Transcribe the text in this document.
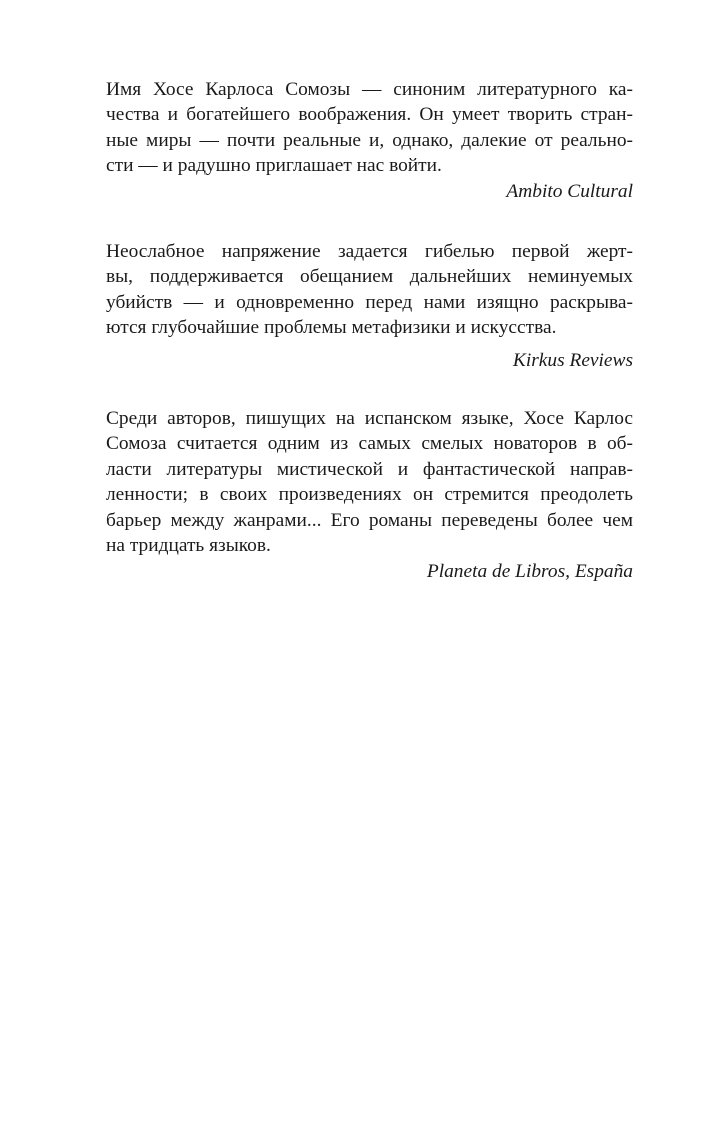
Имя Хосе Карлоса Сомозы — синоним литературного ка-
чества и богатейшего воображения. Он умеет творить стран-
ные миры — почти реальные и, однако, далекие от реально-
сти — и радушно приглашает нас войти.

Ambito Cultural

Неослабное напряжение задается гибелью первой жерт-
вы, поддерживается обещанием дальнейших неминуемых
убийств — и одновременно перед нами изящно раскрыва-
ются глубочайшие проблемы метафизики и искусства.

Kirkus Reviews

Среди авторов, пишущих на испанском языке, Хосе Карлос
Сомоза считается одним из самых смелых новаторов в об-
ласти литературы мистической и фантастической направ-
ленности; в своих произведениях он стремится преодолеть
барьер между жанрами... Его романы переведены более чем
на тридцать языков.

Planeta de Libros, España
